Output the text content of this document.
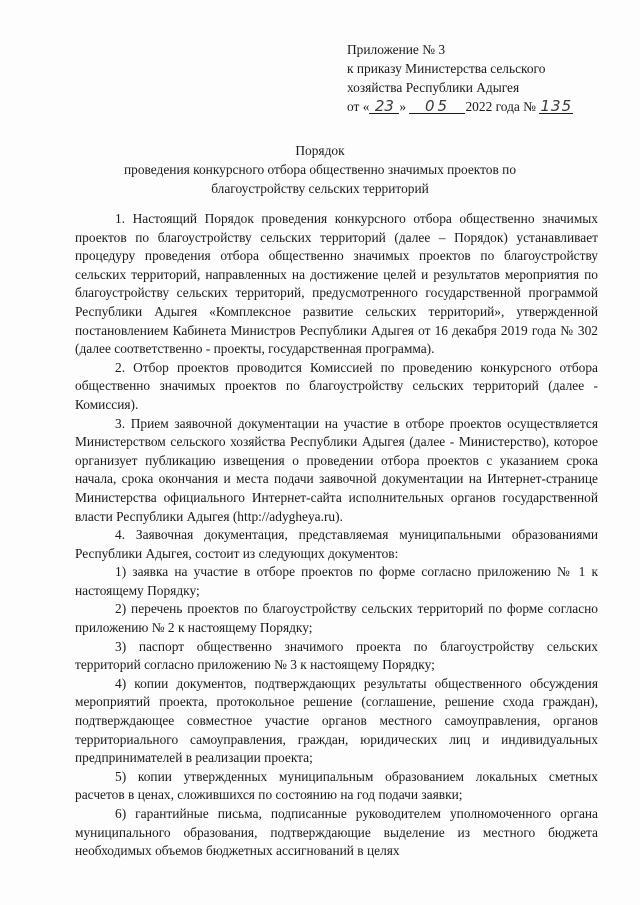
Приложение № 3
к приказу Министерства сельского
хозяйства Республики Адыгея
от « 23 » 05 2022 года № 135
Порядок
проведения конкурсного отбора общественно значимых проектов по
благоустройству сельских территорий

1. Настоящий Порядок проведения конкурсного отбора общественно значимых проектов по благоустройству сельских территорий (далее – Порядок) устанавливает процедуру проведения отбора общественно значимых проектов по благоустройству сельских территорий, направленных на достижение целей и результатов мероприятия по благоустройству сельских территорий, предусмотренного государственной программой Республики Адыгея «Комплексное развитие сельских территорий», утвержденной постановлением Кабинета Министров Республики Адыгея от 16 декабря 2019 года № 302 (далее соответственно - проекты, государственная программа).

2. Отбор проектов проводится Комиссией по проведению конкурсного отбора общественно значимых проектов по благоустройству сельских территорий (далее - Комиссия).

3. Прием заявочной документации на участие в отборе проектов осуществляется Министерством сельского хозяйства Республики Адыгея (далее - Министерство), которое организует публикацию извещения о проведении отбора проектов с указанием срока начала, срока окончания и места подачи заявочной документации на Интернет-странице Министерства официального Интернет-сайта исполнительных органов государственной власти Республики Адыгея (http://adygheya.ru).

4. Заявочная документация, представляемая муниципальными образованиями Республики Адыгея, состоит из следующих документов:

1) заявка на участие в отборе проектов по форме согласно приложению № 1 к настоящему Порядку;

2) перечень проектов по благоустройству сельских территорий по форме согласно приложению № 2 к настоящему Порядку;

3) паспорт общественно значимого проекта по благоустройству сельских территорий согласно приложению № 3 к настоящему Порядку;

4) копии документов, подтверждающих результаты общественного обсуждения мероприятий проекта, протокольное решение (соглашение, решение схода граждан), подтверждающее совместное участие органов местного самоуправления, органов территориального самоуправления, граждан, юридических лиц и индивидуальных предпринимателей в реализации проекта;

5) копии утвержденных муниципальным образованием локальных сметных расчетов в ценах, сложившихся по состоянию на год подачи заявки;

6) гарантийные письма, подписанные руководителем уполномоченного органа муниципального образования, подтверждающие выделение из местного бюджета необходимых объемов бюджетных ассигнований в целях
